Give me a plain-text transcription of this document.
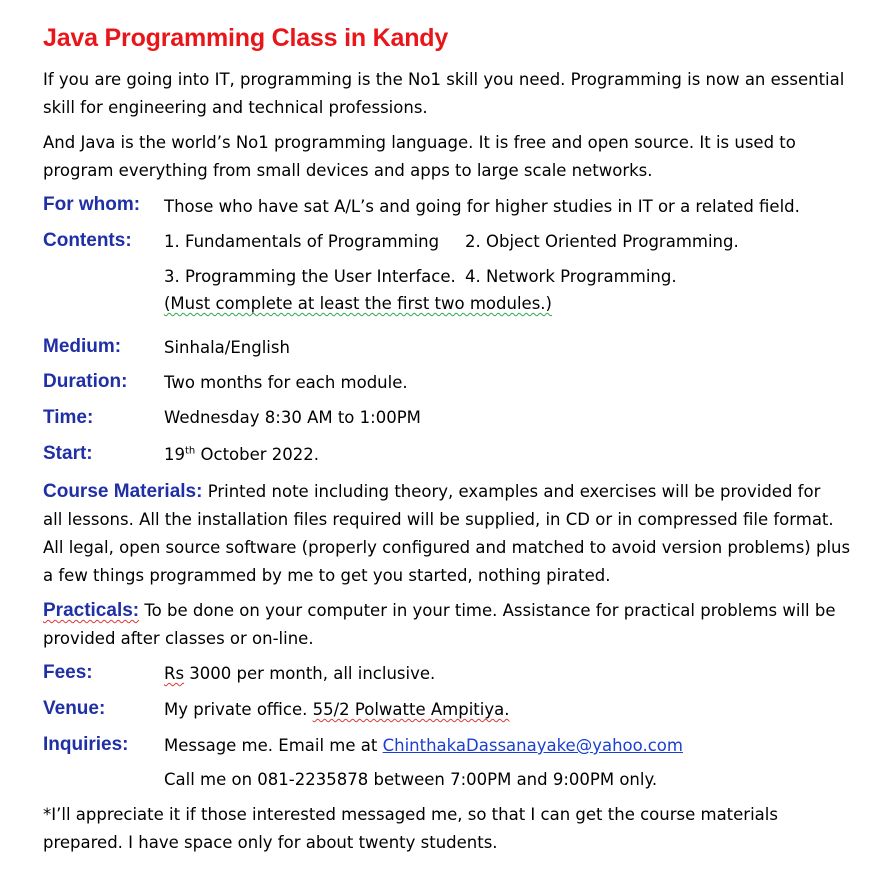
Java Programming Class in Kandy
If you are going into IT, programming is the No1 skill you need. Programming is now an essential
skill for engineering and technical professions.
And Java is the world’s No1 programming language. It is free and open source. It is used to
program everything from small devices and apps to large scale networks.
For whom: Those who have sat A/L’s and going for higher studies in IT or a related field.
Contents: 1. Fundamentals of Programming 2. Object Oriented Programming.
3. Programming the User Interface. 4. Network Programming.
(Must complete at least the first two modules.)
Medium:	Sinhala/English
Duration: Two months for each module.
Time:	Wednesday 8:30 AM to 1:00PM
Start:	19th October 2022.
Course Materials: Printed note including theory, examples and exercises will be provided for
all lessons. All the installation files required will be supplied, in CD or in compressed file format.
All legal, open source software (properly configured and matched to avoid version problems) plus
a few things programmed by me to get you started, nothing pirated.
Practicals: To be done on your computer in your time. Assistance for practical problems will be
provided after classes or on-line.
Fees:	Rs 3000 per month, all inclusive.
Venue:	My private office. 55/2 Polwatte Ampitiya.
Inquiries: Message me. Email me at ChinthakaDassanayake@yahoo.com
Call me on 081-2235878 between 7:00PM and 9:00PM only.
*I’ll appreciate it if those interested messaged me, so that I can get the course materials
prepared. I have space only for about twenty students.
